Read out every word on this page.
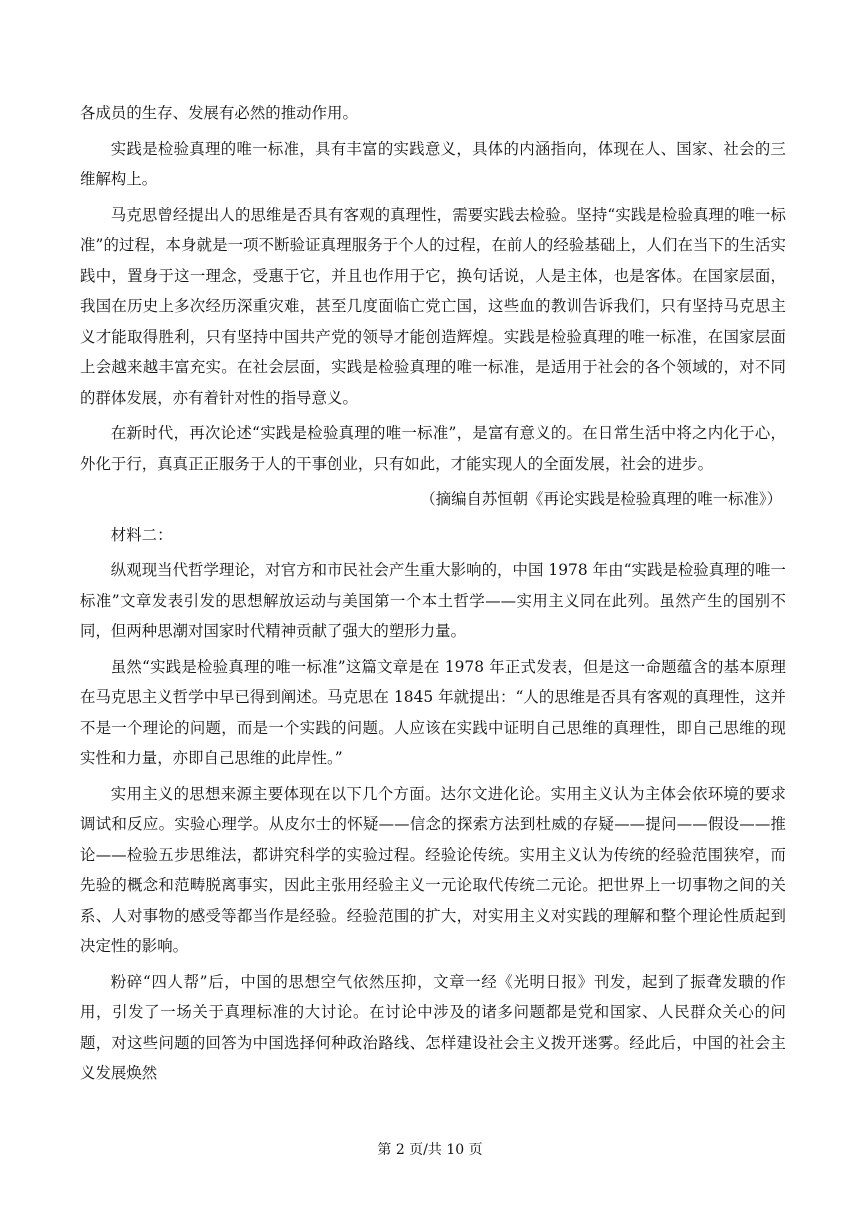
各成员的生存、发展有必然的推动作用。

实践是检验真理的唯一标准，具有丰富的实践意义，具体的内涵指向，体现在人、国家、社会的三维解构上。

马克思曾经提出人的思维是否具有客观的真理性，需要实践去检验。坚持“实践是检验真理的唯一标准”的过程，本身就是一项不断验证真理服务于个人的过程，在前人的经验基础上，人们在当下的生活实践中，置身于这一理念，受惠于它，并且也作用于它，换句话说，人是主体，也是客体。在国家层面，我国在历史上多次经历深重灾难，甚至几度面临亡党亡国，这些血的教训告诉我们，只有坚持马克思主义才能取得胜利，只有坚持中国共产党的领导才能创造辉煌。实践是检验真理的唯一标准，在国家层面上会越来越丰富充实。在社会层面，实践是检验真理的唯一标准，是适用于社会的各个领域的，对不同的群体发展，亦有着针对性的指导意义。

在新时代，再次论述“实践是检验真理的唯一标准”，是富有意义的。在日常生活中将之内化于心，外化于行，真真正正服务于人的干事创业，只有如此，才能实现人的全面发展，社会的进步。

（摘编自苏恒朝《再论实践是检验真理的唯一标准》）

材料二：

纵观现当代哲学理论，对官方和市民社会产生重大影响的，中国 1978 年由“实践是检验真理的唯一标准”文章发表引发的思想解放运动与美国第一个本土哲学——实用主义同在此列。虽然产生的国别不同，但两种思潮对国家时代精神贡献了强大的塑形力量。

虽然“实践是检验真理的唯一标准”这篇文章是在 1978 年正式发表，但是这一命题蕴含的基本原理在马克思主义哲学中早已得到阐述。马克思在 1845 年就提出：“人的思维是否具有客观的真理性，这并不是一个理论的问题，而是一个实践的问题。人应该在实践中证明自己思维的真理性，即自己思维的现实性和力量，亦即自己思维的此岸性。”

实用主义的思想来源主要体现在以下几个方面。达尔文进化论。实用主义认为主体会依环境的要求调试和反应。实验心理学。从皮尔士的怀疑——信念的探索方法到杜威的存疑——提问——假设——推论——检验五步思维法，都讲究科学的实验过程。经验论传统。实用主义认为传统的经验范围狭窄，而先验的概念和范畴脱离事实，因此主张用经验主义一元论取代传统二元论。把世界上一切事物之间的关系、人对事物的感受等都当作是经验。经验范围的扩大，对实用主义对实践的理解和整个理论性质起到决定性的影响。

粉碎“四人帮”后，中国的思想空气依然压抑，文章一经《光明日报》刊发，起到了振聋发聩的作用，引发了一场关于真理标准的大讨论。在讨论中涉及的诸多问题都是党和国家、人民群众关心的问题，对这些问题的回答为中国选择何种政治路线、怎样建设社会主义拨开迷雾。经此后，中国的社会主义发展焕然

第 2 页/共 10 页
